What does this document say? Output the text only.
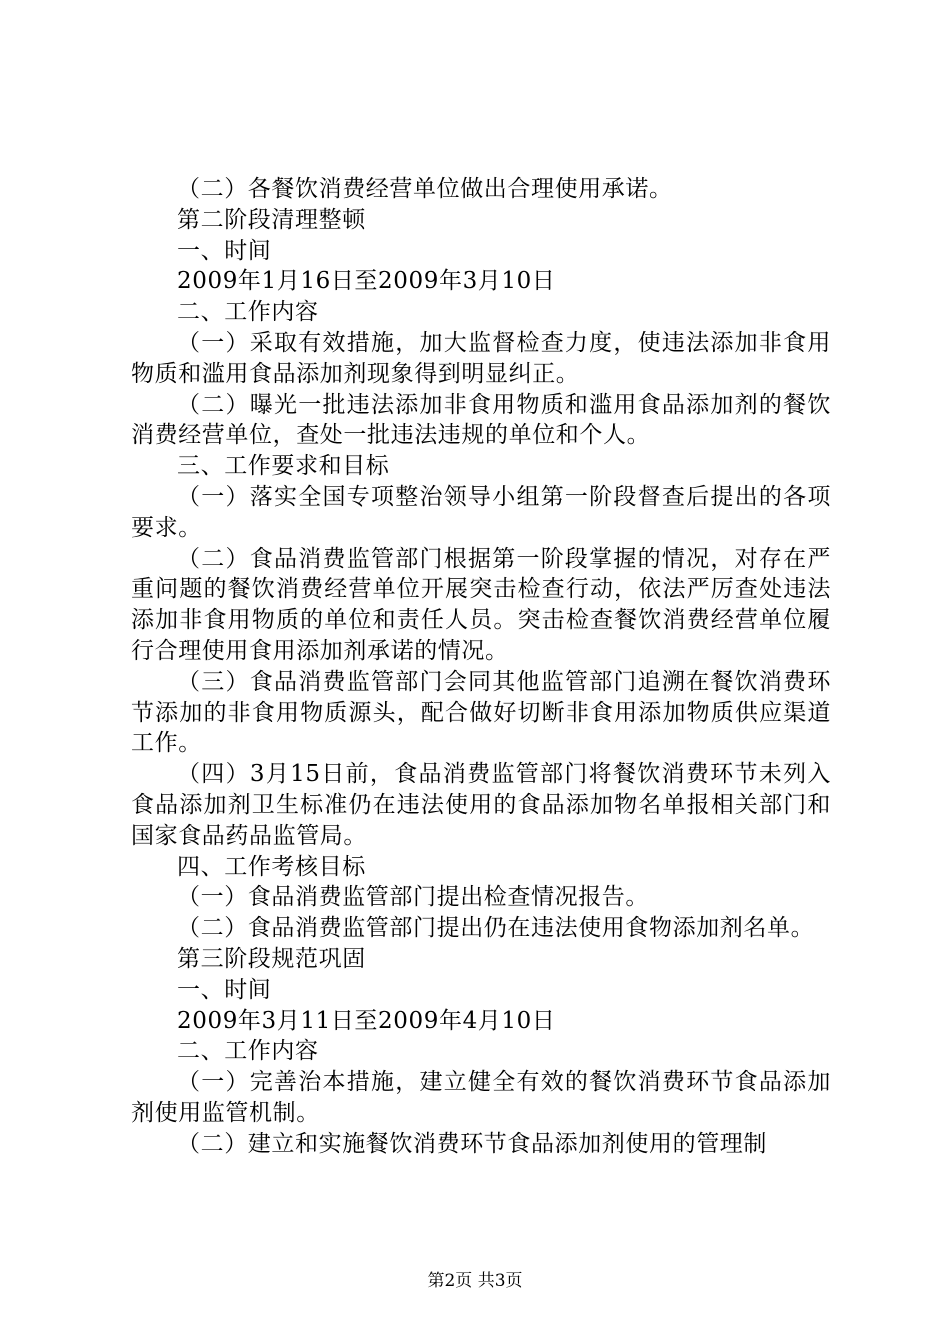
（二）各餐饮消费经营单位做出合理使用承诺。

第二阶段清理整顿

一、时间

2009年1月16日至2009年3月10日

二、工作内容

（一）采取有效措施，加大监督检查力度，使违法添加非食用物质和滥用食品添加剂现象得到明显纠正。

（二）曝光一批违法添加非食用物质和滥用食品添加剂的餐饮消费经营单位，查处一批违法违规的单位和个人。

三、工作要求和目标

（一）落实全国专项整治领导小组第一阶段督查后提出的各项要求。

（二）食品消费监管部门根据第一阶段掌握的情况，对存在严重问题的餐饮消费经营单位开展突击检查行动，依法严厉查处违法添加非食用物质的单位和责任人员。突击检查餐饮消费经营单位履行合理使用食用添加剂承诺的情况。

（三）食品消费监管部门会同其他监管部门追溯在餐饮消费环节添加的非食用物质源头，配合做好切断非食用添加物质供应渠道工作。

（四）3月15日前，食品消费监管部门将餐饮消费环节未列入食品添加剂卫生标准仍在违法使用的食品添加物名单报相关部门和国家食品药品监管局。

四、工作考核目标

（一）食品消费监管部门提出检查情况报告。

（二）食品消费监管部门提出仍在违法使用食物添加剂名单。

第三阶段规范巩固

一、时间

2009年3月11日至2009年4月10日

二、工作内容

（一）完善治本措施，建立健全有效的餐饮消费环节食品添加剂使用监管机制。

（二）建立和实施餐饮消费环节食品添加剂使用的管理制

第2页 共3页
